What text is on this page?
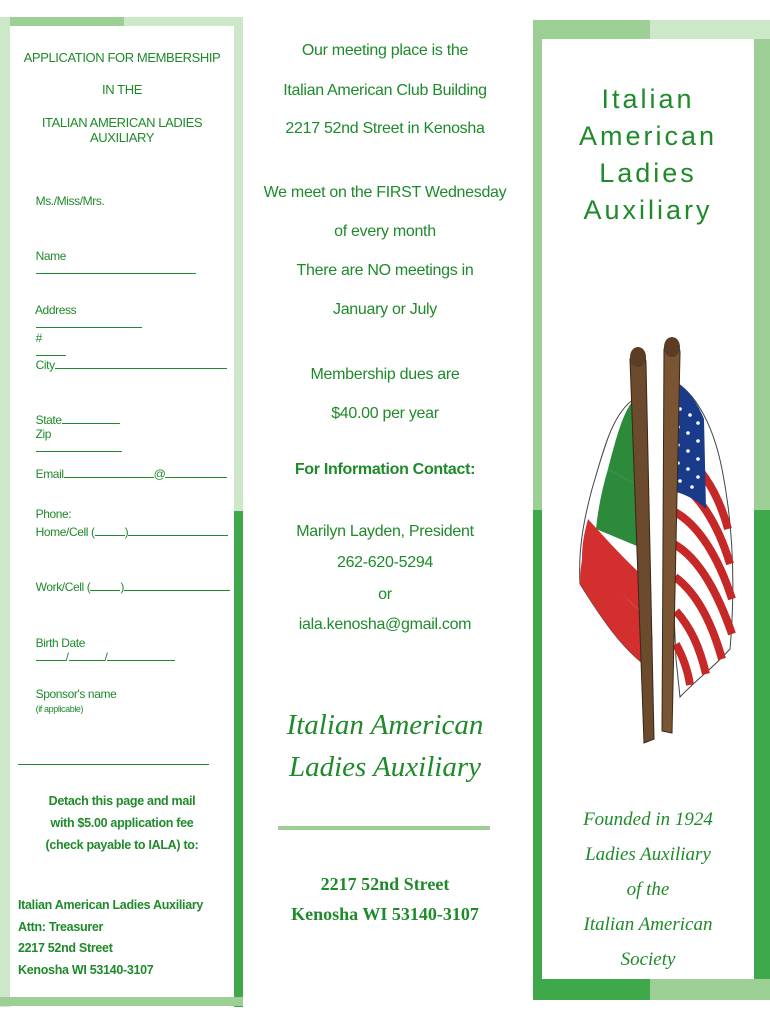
APPLICATION FOR MEMBERSHIP
IN THE
ITALIAN AMERICAN LADIES AUXILIARY

Ms./Miss/Mrs.

Name

Address

#

City

State
Zip

Email	@

Phone:

Home/Cell (	)

Work/Cell (	)

Birth Date
/	/

Sponsor's name
(if applicable)

Detach this page and mail
with $5.00 application fee
(check payable to IALA) to:
Italian American Ladies Auxiliary
Attn: Treasurer
2217 52nd Street
Kenosha WI 53140-3107
Our meeting place is the
Italian American Club Building
2217 52nd Street in Kenosha
We meet on the FIRST Wednesday
of every month
There are NO meetings in
January or July
Membership dues are
$40.00 per year
For Information Contact:
Marilyn Layden, President
262-620-5294
or
iala.kenosha@gmail.com
Italian American
Ladies Auxiliary
2217 52nd Street
Kenosha WI 53140-3107
Italian
American
Ladies
Auxiliary
Founded in 1924
Ladies Auxiliary
of the
Italian American
Society
